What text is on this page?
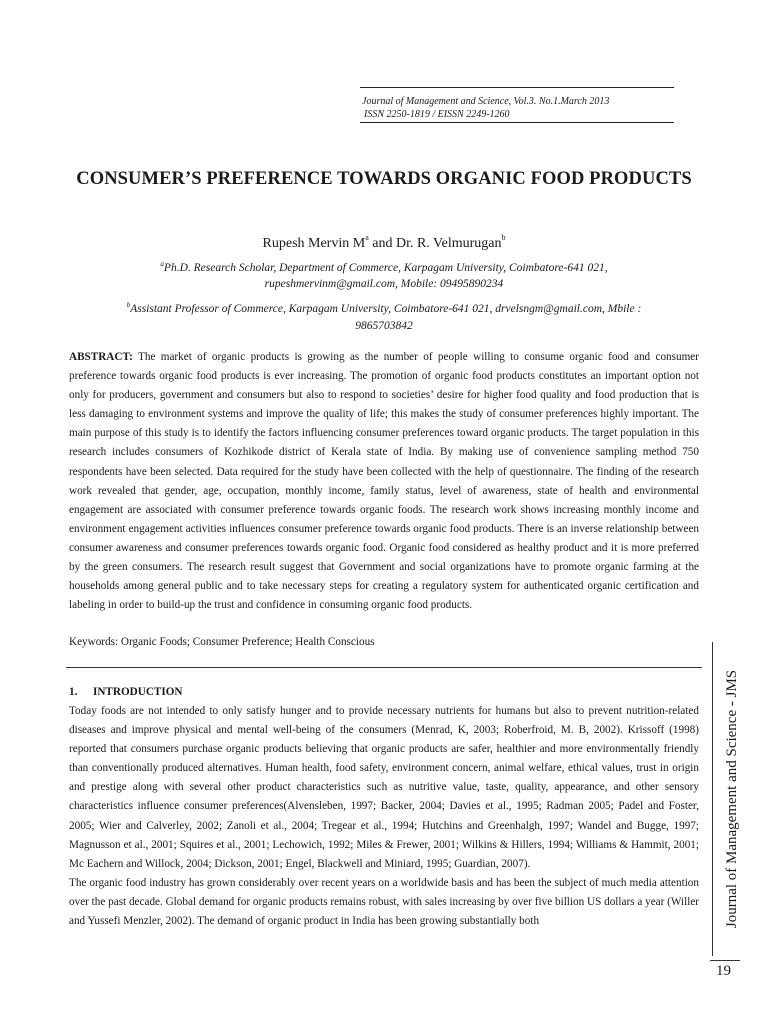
Journal of Management and Science, Vol.3. No.1.March 2013
ISSN 2250-1819 / EISSN 2249-1260
CONSUMER’S PREFERENCE TOWARDS ORGANIC FOOD PRODUCTS
Rupesh Mervin $M^a$ and Dr. R. Velmurugan$^b$
$^a$Ph.D. Research Scholar, Department of Commerce, Karpagam University, Coimbatore-641 021,
rupeshmervinm@gmail.com, Mobile: 09495890234
$^b$Assistant Professor of Commerce, Karpagam University, Coimbatore-641 021, drvelsngm@gmail.com, Mbile :
9865703842
ABSTRACT: The market of organic products is growing as the number of people willing to consume organic food and consumer preference towards organic food products is ever increasing. The promotion of organic food products constitutes an important option not only for producers, government and consumers but also to respond to societies’ desire for higher food quality and food production that is less damaging to environment systems and improve the quality of life; this makes the study of consumer preferences highly important. The main purpose of this study is to identify the factors influencing consumer preferences toward organic products. The target population in this research includes consumers of Kozhikode district of Kerala state of India. By making use of convenience sampling method 750 respondents have been selected. Data required for the study have been collected with the help of questionnaire. The finding of the research work revealed that gender, age, occupation, monthly income, family status, level of awareness, state of health and environmental engagement are associated with consumer preference towards organic foods. The research work shows increasing monthly income and environment engagement activities influences consumer preference towards organic food products. There is an inverse relationship between consumer awareness and consumer preferences towards organic food. Organic food considered as healthy product and it is more preferred by the green consumers. The research result suggest that Government and social organizations have to promote organic farming at the households among general public and to take necessary steps for creating a regulatory system for authenticated organic certification and labeling in order to build-up the trust and confidence in consuming organic food products.
Keywords: Organic Foods; Consumer Preference; Health Conscious
1. INTRODUCTION

Today foods are not intended to only satisfy hunger and to provide necessary nutrients for humans but also to prevent nutrition-related diseases and improve physical and mental well-being of the consumers (Menrad, K, 2003; Roberfroid, M. B, 2002). Krissoff (1998) reported that consumers purchase organic products believing that organic products are safer, healthier and more environmentally friendly than conventionally produced alternatives. Human health, food safety, environment concern, animal welfare, ethical values, trust in origin and prestige along with several other product characteristics such as nutritive value, taste, quality, appearance, and other sensory characteristics influence consumer preferences(Alvensleben, 1997; Backer, 2004; Davies et al., 1995; Radman 2005; Padel and Foster, 2005; Wier and Calverley, 2002; Zanoli et al., 2004; Tregear et al., 1994; Hutchins and Greenhalgh, 1997; Wandel and Bugge, 1997; Magnusson et al., 2001; Squires et al., 2001; Lechowich, 1992; Miles & Frewer, 2001; Wilkins & Hillers, 1994; Williams & Hammit, 2001; Mc Eachern and Willock, 2004; Dickson, 2001; Engel, Blackwell and Miniard, 1995; Guardian, 2007).

The organic food industry has grown considerably over recent years on a worldwide basis and has been the subject of much media attention over the past decade. Global demand for organic products remains robust, with sales increasing by over five billion US dollars a year (Willer and Yussefi Menzler, 2002). The demand of organic product in India has been growing substantially both	Journal of Management and Science - JMS
19
